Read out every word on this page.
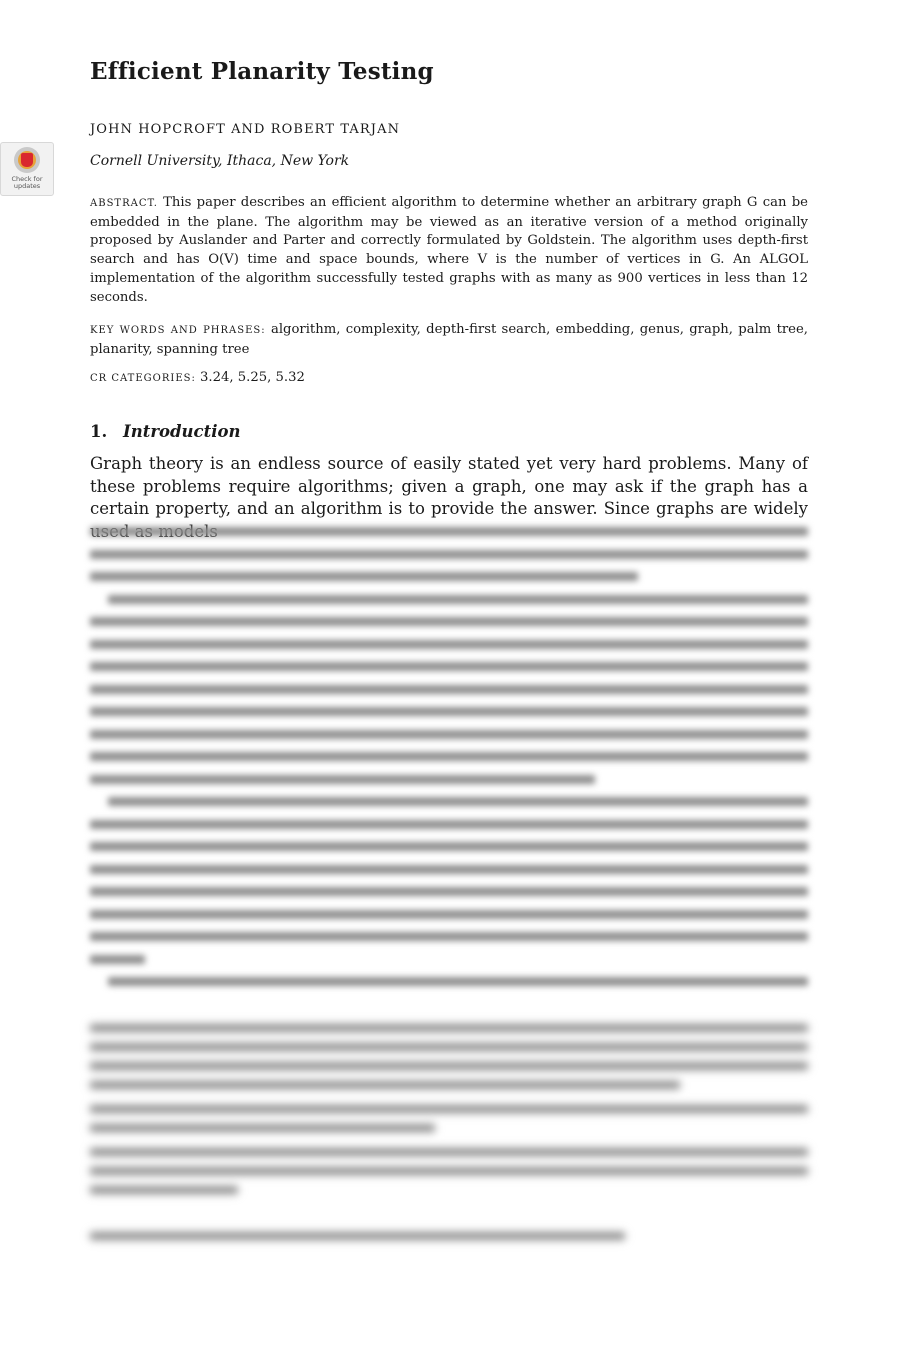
Check for updates
Efficient Planarity Testing
JOHN HOPCROFT AND ROBERT TARJAN
Cornell University, Ithaca, New York

ABSTRACT. This paper describes an efficient algorithm to determine whether an arbitrary graph G can be embedded in the plane. The algorithm may be viewed as an iterative version of a method originally proposed by Auslander and Parter and correctly formulated by Goldstein. The algorithm uses depth-first search and has O(V) time and space bounds, where V is the number of vertices in G. An ALGOL implementation of the algorithm successfully tested graphs with as many as 900 vertices in less than 12 seconds.

KEY WORDS AND PHRASES: algorithm, complexity, depth-first search, embedding, genus, graph, palm tree, planarity, spanning tree

CR CATEGORIES: 3.24, 5.25, 5.32

1. Introduction

Graph theory is an endless source of easily stated yet very hard problems. Many of these problems require algorithms; given a graph, one may ask if the graph has a certain property, and an algorithm is to provide the answer. Since graphs are widely
